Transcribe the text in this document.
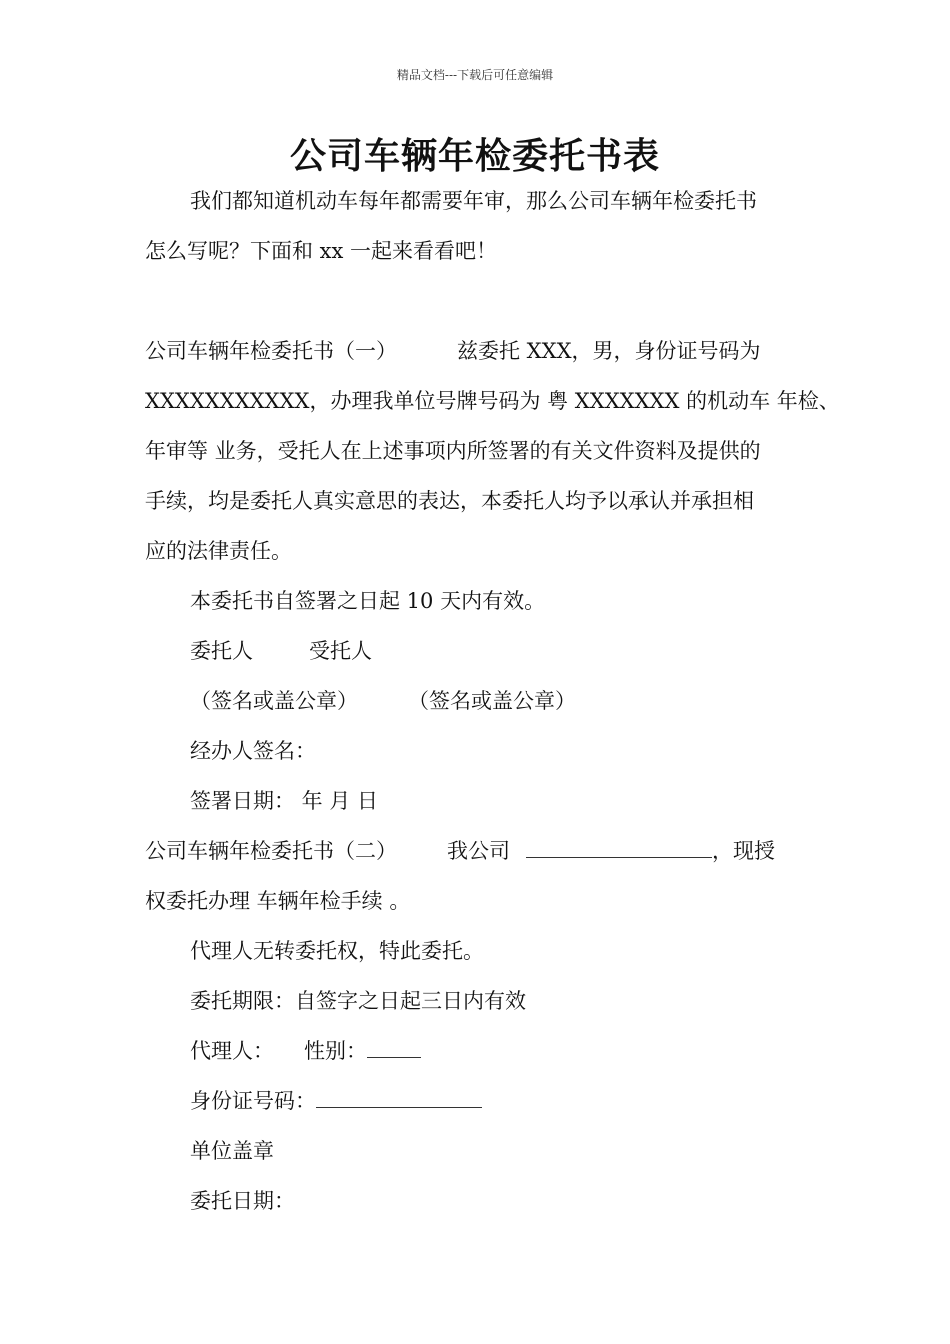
精品文档---下载后可任意编辑
公司车辆年检委托书表
我们都知道机动车每年都需要年审，那么公司车辆年检委托书
怎么写呢？下面和 xx 一起来看看吧！
公司车辆年检委托书（一）	兹委托 XXX，男，身份证号码为
XXXXXXXXXXX，办理我单位号牌号码为 粤 XXXXXXX 的机动车 年检、
年审等 业务，受托人在上述事项内所签署的有关文件资料及提供的
手续，均是委托人真实意思的表达，本委托人均予以承认并承担相
应的法律责任。
本委托书自签署之日起 10 天内有效。
委托人	受托人
（签名或盖公章） （签名或盖公章）
经办人签名：
签署日期： 年 月 日
公司车辆年检委托书（二） 我公司	，现授
权委托办理 车辆年检手续 。
代理人无转委托权，特此委托。
委托期限：自签字之日起三日内有效
代理人： 性别：
身份证号码：
单位盖章
委托日期：
